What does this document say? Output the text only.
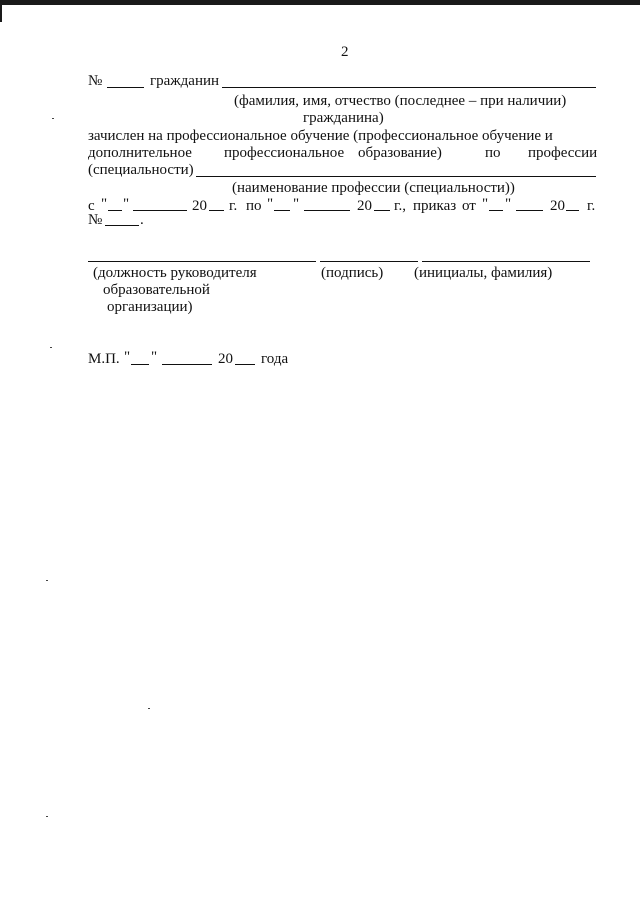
2
№	гражданин
(фамилия, имя, отчество (последнее – при наличии)
гражданина)
зачислен на профессиональное обучение (профессиональное обучение и
дополнительное профессиональное образование)	по профессии
(специальности)
(наименование профессии (специальности))
с " "	20 г. по " "	20 г., приказ от " "	20 г.
№	.
(должность руководителя
образовательной
организации)
(подпись) (инициалы, фамилия)
М.П. " "	20 года
